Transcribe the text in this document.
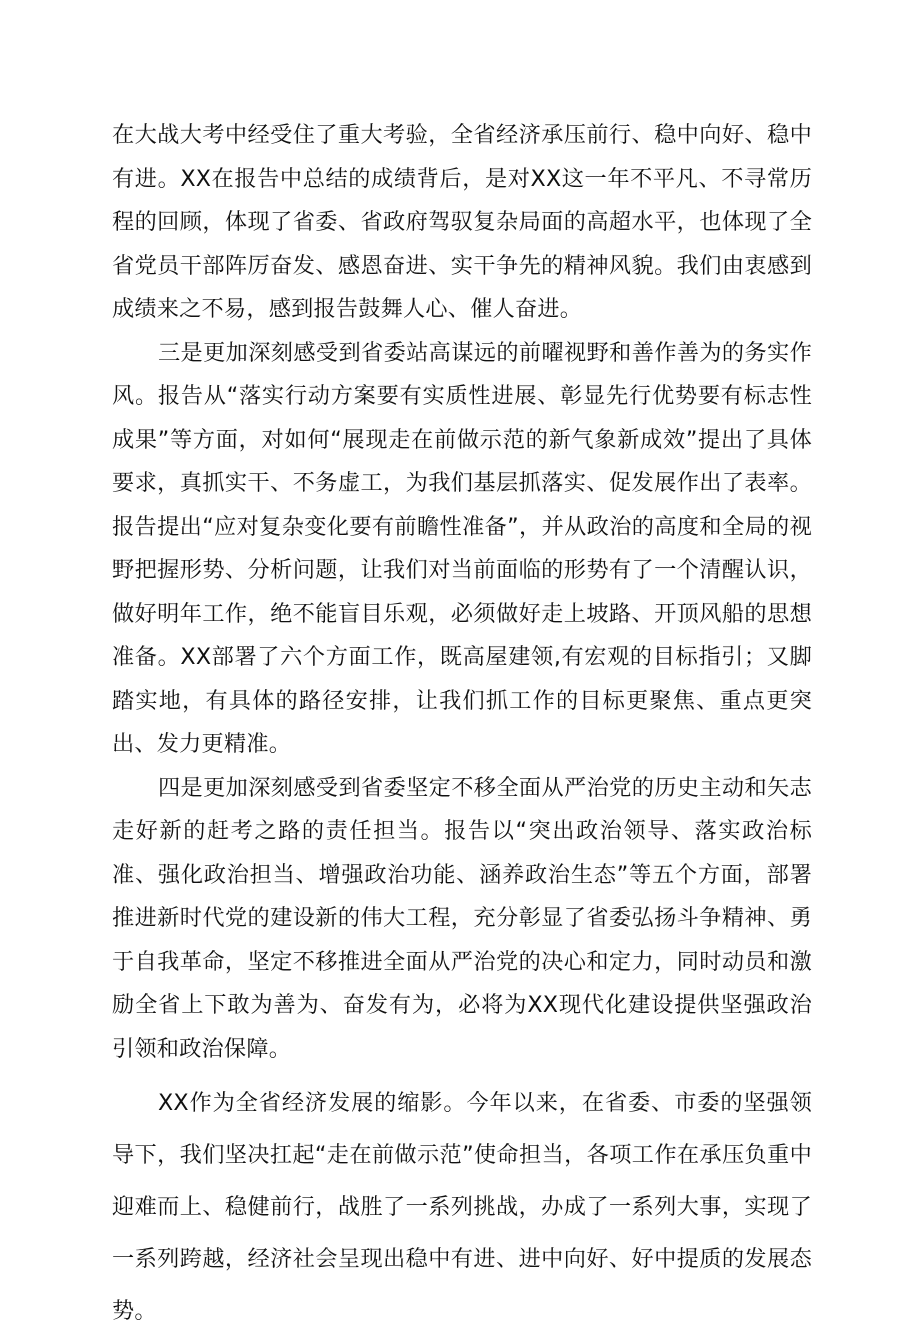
在大战大考中经受住了重大考验，全省经济承压前行、稳中向好、稳中有进。XX在报告中总结的成绩背后，是对XX这一年不平凡、不寻常历程的回顾，体现了省委、省政府驾驭复杂局面的高超水平，也体现了全省党员干部阵厉奋发、感恩奋进、实干争先的精神风貌。我们由衷感到成绩来之不易，感到报告鼓舞人心、催人奋进。

三是更加深刻感受到省委站高谋远的前曜视野和善作善为的务实作风。报告从“落实行动方案要有实质性进展、彰显先行优势要有标志性成果”等方面，对如何“展现走在前做示范的新气象新成效”提出了具体要求，真抓实干、不务虚工，为我们基层抓落实、促发展作出了表率。报告提出“应对复杂变化要有前瞻性准备”，并从政治的高度和全局的视野把握形势、分析问题，让我们对当前面临的形势有了一个清醒认识，做好明年工作，绝不能盲目乐观，必须做好走上坡路、开顶风船的思想准备。XX部署了六个方面工作，既高屋建领,有宏观的目标指引；又脚踏实地，有具体的路径安排，让我们抓工作的目标更聚焦、重点更突出、发力更精准。

四是更加深刻感受到省委坚定不移全面从严治党的历史主动和矢志走好新的赶考之路的责任担当。报告以“突出政治领导、落实政治标准、强化政治担当、增强政治功能、涵养政治生态”等五个方面，部署推进新时代党的建设新的伟大工程，充分彰显了省委弘扬斗争精神、勇于自我革命，坚定不移推进全面从严治党的决心和定力，同时动员和激励全省上下敢为善为、奋发有为，必将为XX现代化建设提供坚强政治引领和政治保障。

XX作为全省经济发展的缩影。今年以来，在省委、市委的坚强领导下，我们坚决扛起“走在前做示范”使命担当，各项工作在承压负重中迎难而上、稳健前行，战胜了一系列挑战，办成了一系列大事，实现了一系列跨越，经济社会呈现出稳中有进、进中向好、好中提质的发展态势。
